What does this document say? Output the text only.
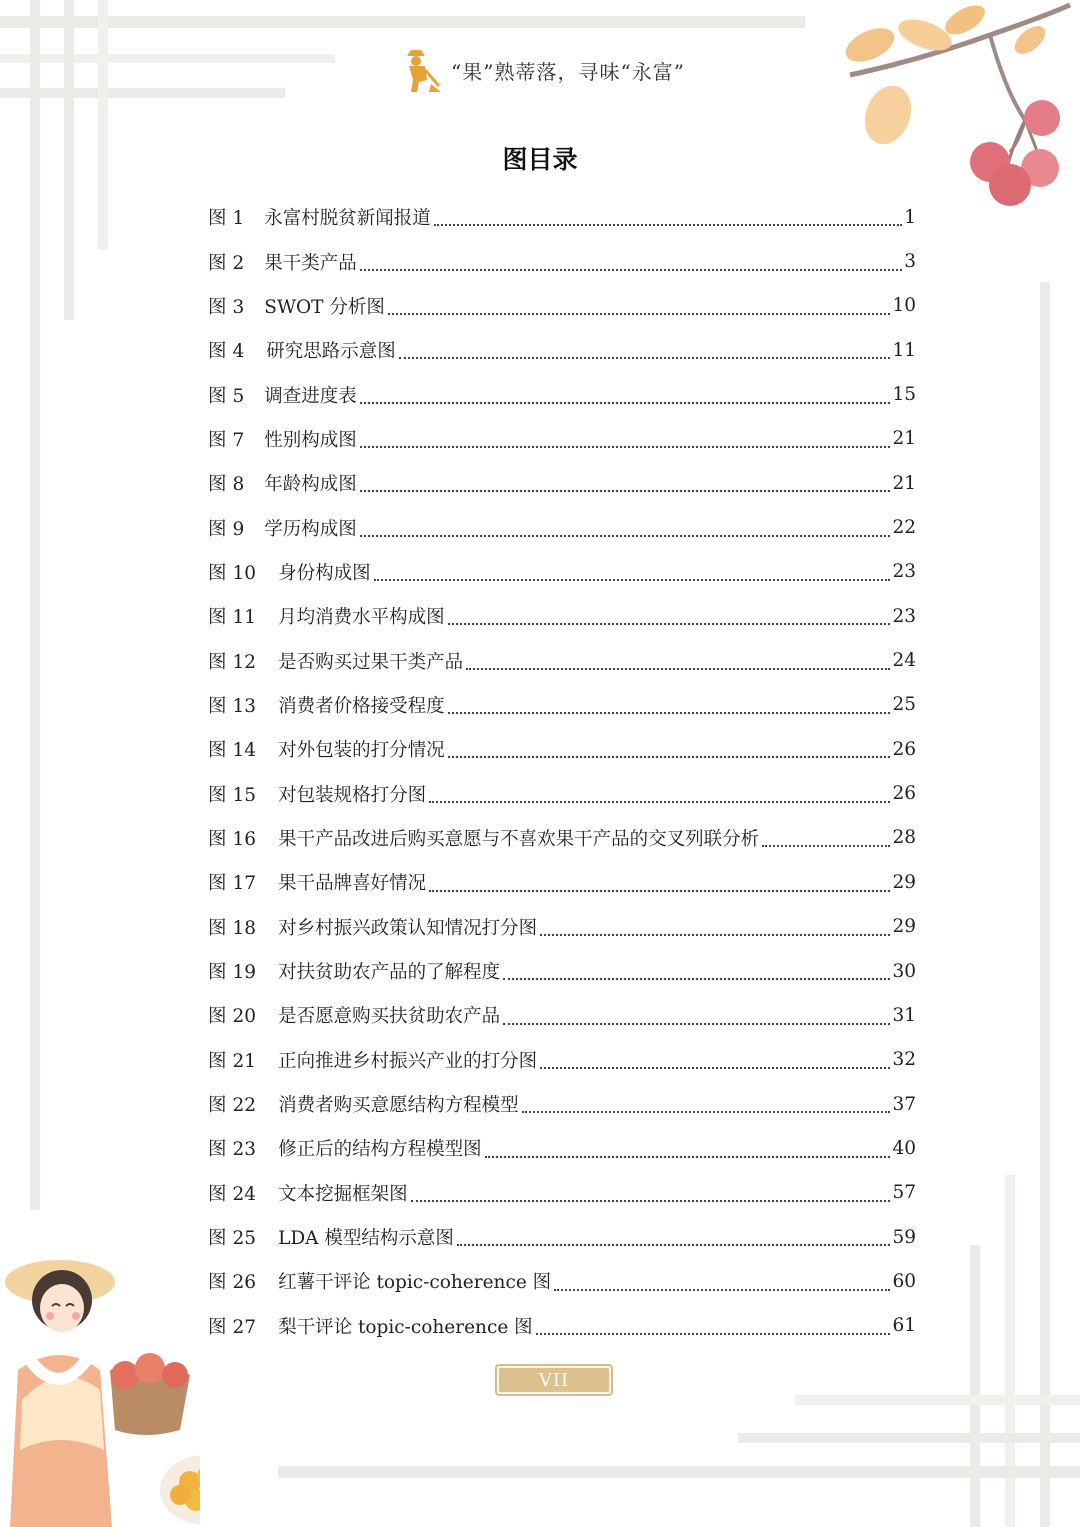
“果”熟蒂落，寻味“永富”
图目录
图 1 永富村脱贫新闻报道	1
图 2 果干类产品	3
图 3 SWOT 分析图	10
图 4 研究思路示意图	11
图 5 调查进度表	15
图 7 性别构成图	21
图 8 年龄构成图	21
图 9 学历构成图	22
图 10 身份构成图	23
图 11 月均消费水平构成图	23
图 12 是否购买过果干类产品	24
图 13 消费者价格接受程度	25
图 14 对外包装的打分情况	26
图 15 对包装规格打分图	26
图 16 果干产品改进后购买意愿与不喜欢果干产品的交叉列联分析	28
图 17 果干品牌喜好情况	29
图 18 对乡村振兴政策认知情况打分图	29
图 19 对扶贫助农产品的了解程度	30
图 20 是否愿意购买扶贫助农产品	31
图 21 正向推进乡村振兴产业的打分图	32
图 22 消费者购买意愿结构方程模型	37
图 23 修正后的结构方程模型图	40
图 24 文本挖掘框架图	57
图 25 LDA 模型结构示意图	59
图 26 红薯干评论 topic-coherence 图	60
图 27 梨干评论 topic-coherence 图	61
VII
